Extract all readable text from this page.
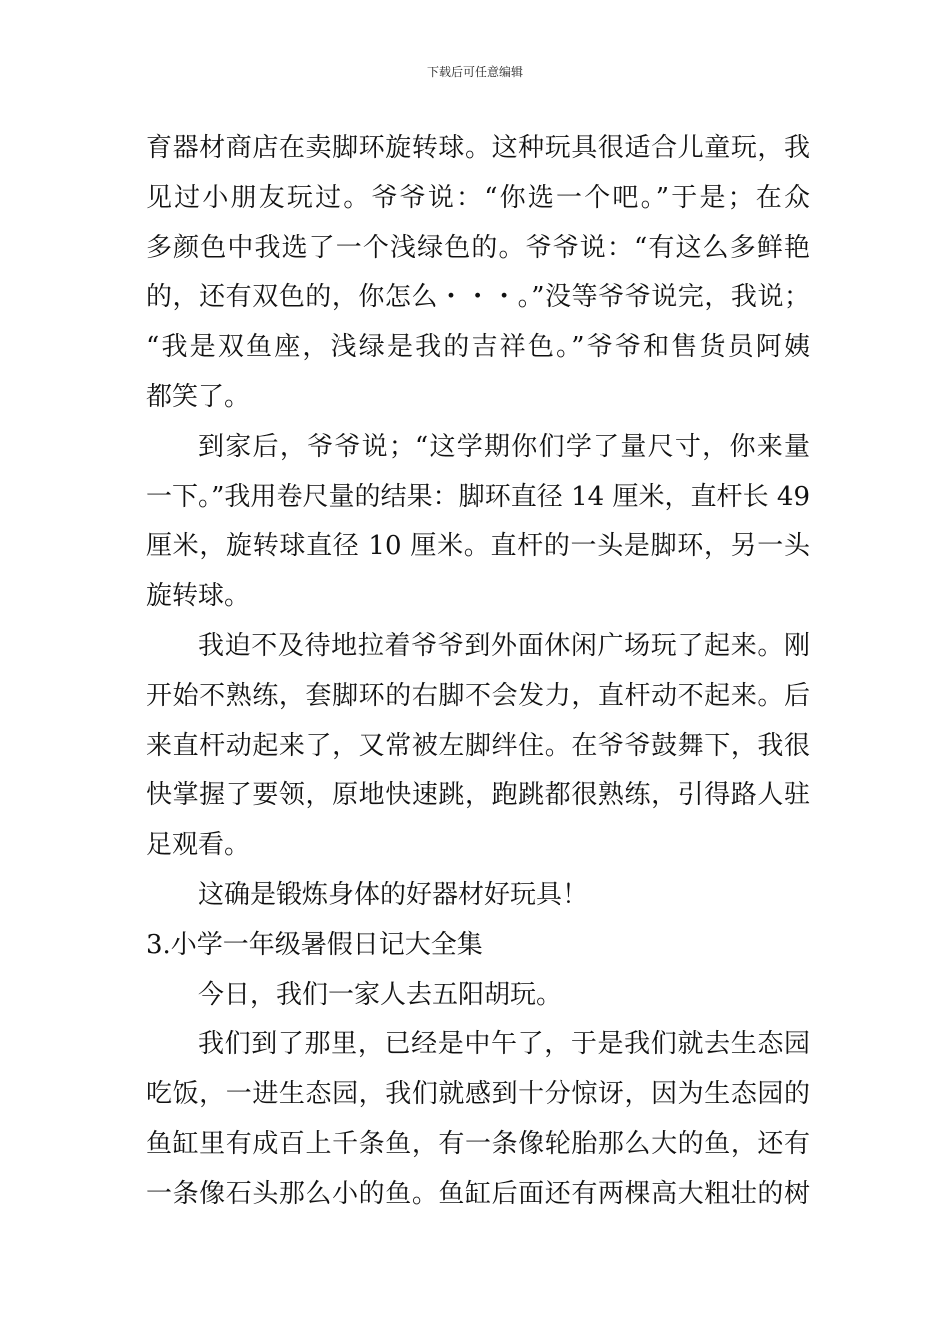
下载后可任意编辑
育器材商店在卖脚环旋转球。这种玩具很适合儿童玩，我
见过小朋友玩过。爷爷说：“你选一个吧。”于是；在众
多颜色中我选了一个浅绿色的。爷爷说：“有这么多鲜艳
的，还有双色的，你怎么・・・。”没等爷爷说完，我说；
“我是双鱼座，浅绿是我的吉祥色。”爷爷和售货员阿姨
都笑了。
到家后，爷爷说；“这学期你们学了量尺寸，你来量
一下。”我用卷尺量的结果：脚环直径 14 厘米，直杆长 49
厘米，旋转球直径 10 厘米。直杆的一头是脚环，另一头
旋转球。
我迫不及待地拉着爷爷到外面休闲广场玩了起来。刚
开始不熟练，套脚环的右脚不会发力，直杆动不起来。后
来直杆动起来了，又常被左脚绊住。在爷爷鼓舞下，我很
快掌握了要领，原地快速跳，跑跳都很熟练，引得路人驻
足观看。
这确是锻炼身体的好器材好玩具！
3.小学一年级暑假日记大全集
今日，我们一家人去五阳胡玩。
我们到了那里，已经是中午了，于是我们就去生态园
吃饭，一进生态园，我们就感到十分惊讶，因为生态园的
鱼缸里有成百上千条鱼，有一条像轮胎那么大的鱼，还有
一条像石头那么小的鱼。鱼缸后面还有两棵高大粗壮的树
